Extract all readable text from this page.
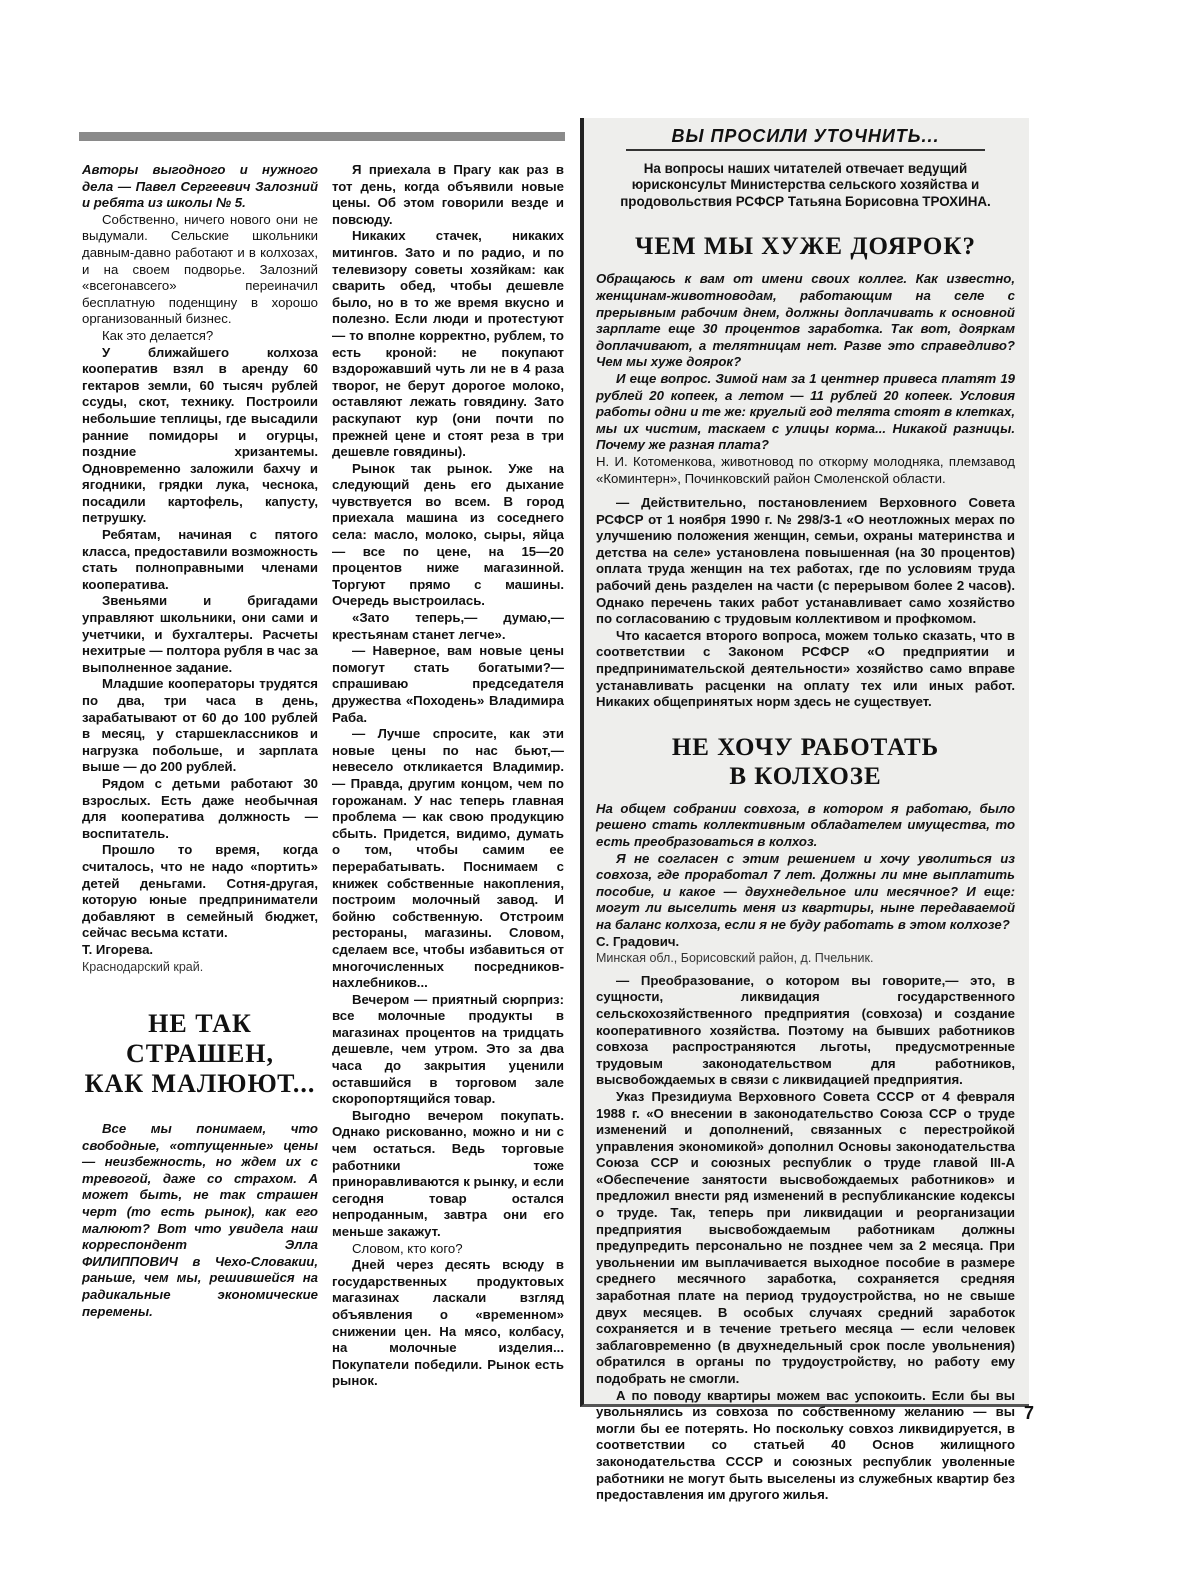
Авторы выгодного и нужного дела — Павел Сергеевич Залозний и ребята из школы № 5.

Собственно, ничего нового они не выдумали. Сельские школьники давным-давно работают и в колхозах, и на своем подворье. Залозний «всегонавсего» переиначил бесплатную поденщину в хорошо организованный бизнес.

Как это делается?

У ближайшего колхоза кооператив взял в аренду 60 гектаров земли, 60 тысяч рублей ссуды, скот, технику. Построили небольшие теплицы, где высадили ранние помидоры и огурцы, поздние хризантемы. Одновременно заложили бахчу и ягодники, грядки лука, чеснока, посадили картофель, капусту, петрушку.

Ребятам, начиная с пятого класса, предоставили возможность стать полноправными членами кооператива.

Звеньями и бригадами управляют школьники, они сами и учетчики, и бухгалтеры. Расчеты нехитрые — полтора рубля в час за выполненное задание.

Младшие кооператоры трудятся по два, три часа в день, зарабатывают от 60 до 100 рублей в месяц, у старшеклассников и нагрузка побольше, и зарплата выше — до 200 рублей.

Рядом с детьми работают 30 взрослых. Есть даже необычная для кооператива должность — воспитатель.

Прошло то время, когда считалось, что не надо «портить» детей деньгами. Сотня-другая, которую юные предприниматели добавляют в семейный бюджет, сейчас весьма кстати.

Т. Игорева.

Краснодарский край.

НЕ ТАК
СТРАШЕН,
КАК МАЛЮЮТ...

Все мы понимаем, что свободные, «отпущенные» цены — неизбежность, но ждем их с тревогой, даже со страхом. А может быть, не так страшен черт (то есть рынок), как его малюют? Вот что увидела наш корреспондент Элла ФИЛИППОВИЧ в Чехо-Словакии, раньше, чем мы, решившейся на радикальные экономические перемены.

Я приехала в Прагу как раз в тот день, когда объявили новые цены. Об этом говорили везде и повсюду.

Никаких стачек, никаких митингов. Зато и по радио, и по телевизору советы хозяйкам: как сварить обед, чтобы дешевле было, но в то же время вкусно и полезно. Если люди и протестуют — то вполне корректно, рублем, то есть кроной: не покупают вздорожавший чуть ли не в 4 раза творог, не берут дорогое молоко, оставляют лежать говядину. Зато раскупают кур (они почти по прежней цене и стоят реза в три дешевле говядины).

Рынок так рынок. Уже на следующий день его дыхание чувствуется во всем. В город приехала машина из соседнего села: масло, молоко, сыры, яйца — все по цене, на 15—20 процентов ниже магазинной. Торгуют прямо с машины. Очередь выстроилась.

«Зато теперь,— думаю,— крестьянам станет легче».

— Наверное, вам новые цены помогут стать богатыми?— спрашиваю председателя дружества «Походень» Владимира Раба.

— Лучше спросите, как эти новые цены по нас бьют,— невесело откликается Владимир.— Правда, другим концом, чем по горожанам. У нас теперь главная проблема — как свою продукцию сбыть. Придется, видимо, думать о том, чтобы самим ее перерабатывать. Поснимаем с книжек собственные накопления, построим молочный завод. И бойню собственную. Отстроим рестораны, магазины. Словом, сделаем все, чтобы избавиться от многочисленных посредников-нахлебников...

Вечером — приятный сюрприз: все молочные продукты в магазинах процентов на тридцать дешевле, чем утром. Это за два часа до закрытия уценили оставшийся в торговом зале скоропортящийся товар.

Выгодно вечером покупать. Однако рискованно, можно и ни с чем остаться. Ведь торговые работники тоже приноравливаются к рынку, и если сегодня товар остался непроданным, завтра они его меньше закажут.

Словом, кто кого?

Дней через десять всюду в государственных продуктовых магазинах ласкали взгляд объявления о «временном» снижении цен. На мясо, колбасу, на молочные изделия... Покупатели победили. Рынок есть рынок.

ВЫ ПРОСИЛИ УТОЧНИТЬ...
На вопросы наших читателей отвечает ведущий юрисконсульт Министерства сельского хозяйства и продовольствия РСФСР Татьяна Борисовна ТРОХИНА.
ЧЕМ МЫ ХУЖЕ ДОЯРОК?

Обращаюсь к вам от имени своих коллег. Как известно, женщинам-животноводам, работающим на селе с прерывным рабочим днем, должны доплачивать к основной зарплате еще 30 процентов заработка. Так вот, дояркам доплачивают, а телятницам нет. Разве это справедливо? Чем мы хуже доярок?

И еще вопрос. Зимой нам за 1 центнер привеса платят 19 рублей 20 копеек, а летом — 11 рублей 20 копеек. Условия работы одни и те же: круглый год телята стоят в клетках, мы их чистим, таскаем с улицы корма... Никакой разницы. Почему же разная плата?

Н. И. Котоменкова, животновод по откорму молодняка, племзавод «Коминтерн», Починковский район Смоленской области.

— Действительно, постановлением Верховного Совета РСФСР от 1 ноября 1990 г. № 298/3-1 «О неотложных мерах по улучшению положения женщин, семьи, охраны материнства и детства на селе» установлена повышенная (на 30 процентов) оплата труда женщин на тех работах, где по условиям труда рабочий день разделен на части (с перерывом более 2 часов). Однако перечень таких работ устанавливает само хозяйство по согласованию с трудовым коллективом и профкомом.

Что касается второго вопроса, можем только сказать, что в соответствии с Законом РСФСР «О предприятии и предпринимательской деятельности» хозяйство само вправе устанавливать расценки на оплату тех или иных работ. Никаких общепринятых норм здесь не существует.

НЕ ХОЧУ РАБОТАТЬ
В КОЛХОЗЕ

На общем собрании совхоза, в котором я работаю, было решено стать коллективным обладателем имущества, то есть преобразоваться в колхоз.

Я не согласен с этим решением и хочу уволиться из совхоза, где проработал 7 лет. Должны ли мне выплатить пособие, и какое — двухнедельное или месячное? И еще: могут ли выселить меня из квартиры, ныне передаваемой на баланс колхоза, если я не буду работать в этом колхозе?

С. Градович.

Минская обл., Борисовский район, д. Пчельник.

— Преобразование, о котором вы говорите,— это, в сущности, ликвидация государственного сельскохозяйственного предприятия (совхоза) и создание кооперативного хозяйства. Поэтому на бывших работников совхоза распространяются льготы, предусмотренные трудовым законодательством для работников, высвобождаемых в связи с ликвидацией предприятия.

Указ Президиума Верховного Совета СССР от 4 февраля 1988 г. «О внесении в законодательство Союза ССР о труде изменений и дополнений, связанных с перестройкой управления экономикой» дополнил Основы законодательства Союза ССР и союзных республик о труде главой III-А «Обеспечение занятости высвобождаемых работников» и предложил внести ряд изменений в республиканские кодексы о труде. Так, теперь при ликвидации и реорганизации предприятия высвобождаемым работникам должны предупредить персонально не позднее чем за 2 месяца. При увольнении им выплачивается выходное пособие в размере среднего месячного заработка, сохраняется средняя заработная плате на период трудоустройства, но не свыше двух месяцев. В особых случаях средний заработок сохраняется и в течение третьего месяца — если человек заблаговременно (в двухнедельный срок после увольнения) обратился в органы по трудоустройству, но работу ему подобрать не смогли.

А по поводу квартиры можем вас успокоить. Если бы вы увольнялись из совхоза по собственному желанию — вы могли бы ее потерять. Но поскольку совхоз ликвидируется, в соответствии со статьей 40 Основ жилищного законодательства СССР и союзных республик уволенные работники не могут быть выселены из служебных квартир без предоставления им другого жилья.

7
